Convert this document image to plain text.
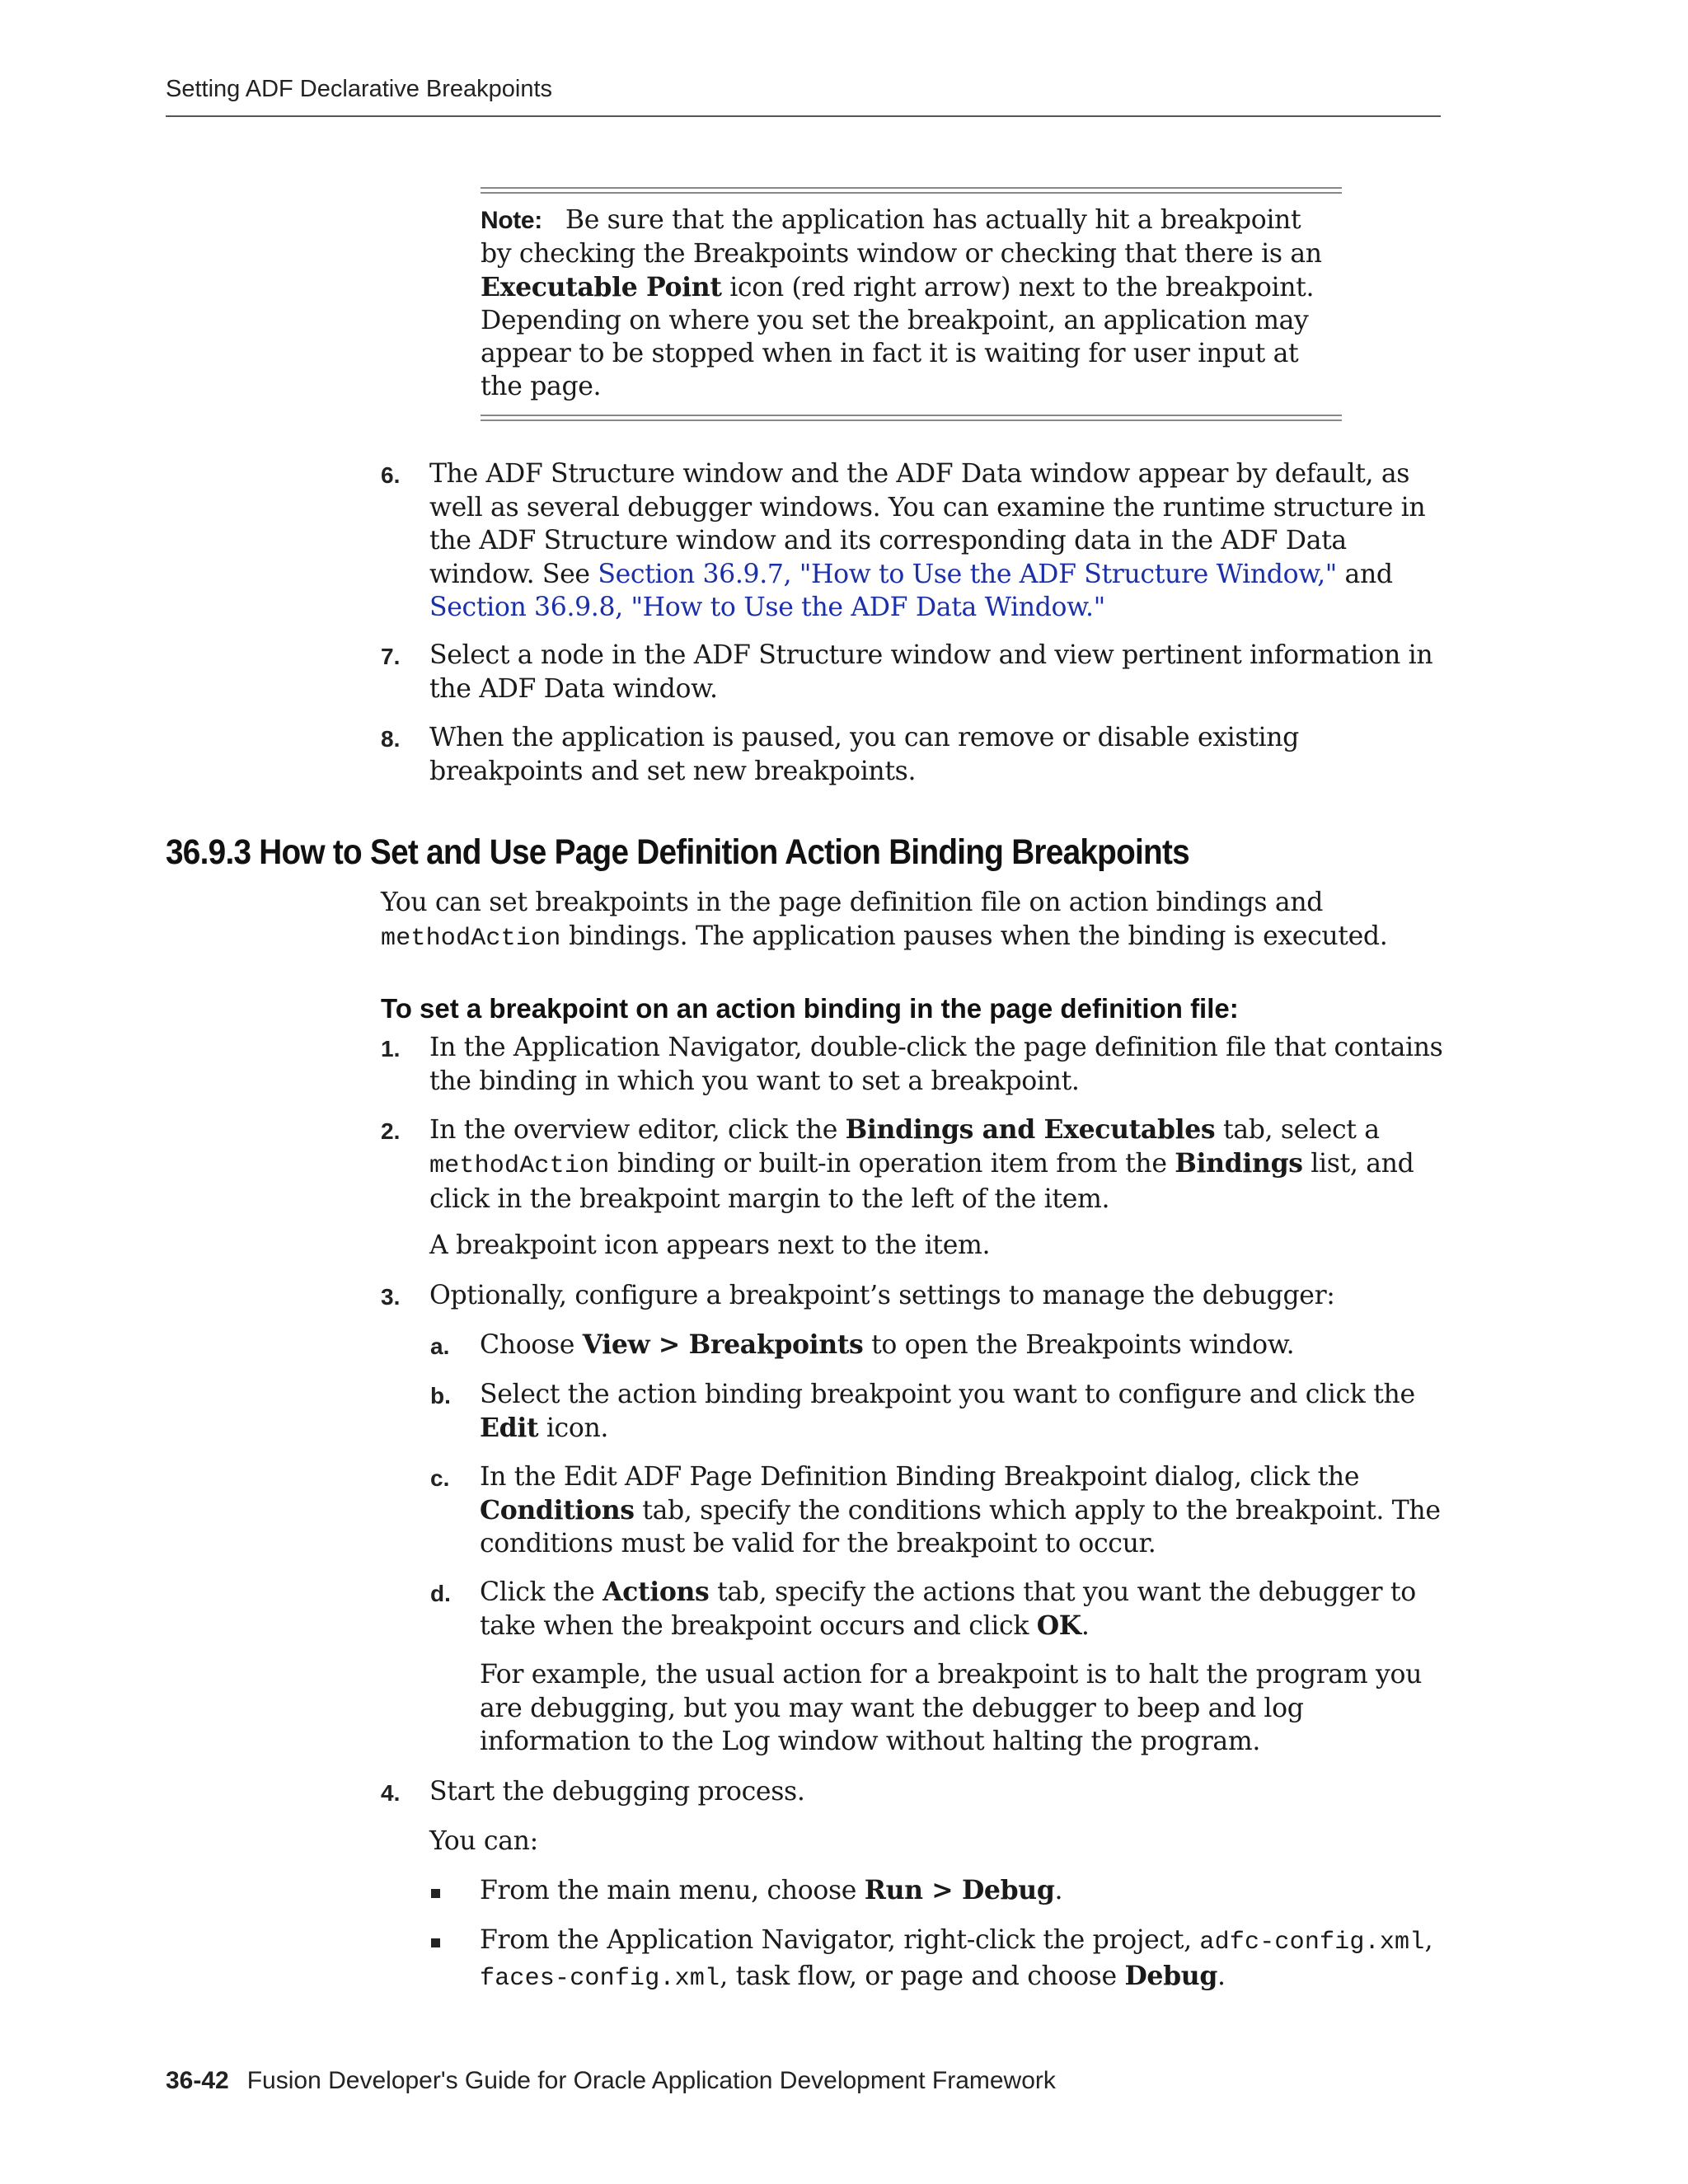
Setting ADF Declarative Breakpoints
Note: Be sure that the application has actually hit a breakpoint by checking the Breakpoints window or checking that there is an Executable Point icon (red right arrow) next to the breakpoint. Depending on where you set the breakpoint, an application may appear to be stopped when in fact it is waiting for user input at the page.
6. The ADF Structure window and the ADF Data window appear by default, as well as several debugger windows. You can examine the runtime structure in the ADF Structure window and its corresponding data in the ADF Data window. See Section 36.9.7, "How to Use the ADF Structure Window," and Section 36.9.8, "How to Use the ADF Data Window."
7. Select a node in the ADF Structure window and view pertinent information in the ADF Data window.
8. When the application is paused, you can remove or disable existing breakpoints and set new breakpoints.
36.9.3 How to Set and Use Page Definition Action Binding Breakpoints
You can set breakpoints in the page definition file on action bindings and methodAction bindings. The application pauses when the binding is executed.
To set a breakpoint on an action binding in the page definition file:
1. In the Application Navigator, double-click the page definition file that contains the binding in which you want to set a breakpoint.
2. In the overview editor, click the Bindings and Executables tab, select a methodAction binding or built-in operation item from the Bindings list, and click in the breakpoint margin to the left of the item.
A breakpoint icon appears next to the item.
3. Optionally, configure a breakpoint’s settings to manage the debugger:
a. Choose View > Breakpoints to open the Breakpoints window.
b. Select the action binding breakpoint you want to configure and click the Edit icon.
c. In the Edit ADF Page Definition Binding Breakpoint dialog, click the Conditions tab, specify the conditions which apply to the breakpoint. The conditions must be valid for the breakpoint to occur.
d. Click the Actions tab, specify the actions that you want the debugger to take when the breakpoint occurs and click OK.
For example, the usual action for a breakpoint is to halt the program you are debugging, but you may want the debugger to beep and log information to the Log window without halting the program.
4. Start the debugging process.
You can:
From the main menu, choose Run > Debug.
From the Application Navigator, right-click the project, adfc-config.xml, faces-config.xml, task flow, or page and choose Debug.
36-42 Fusion Developer's Guide for Oracle Application Development Framework
